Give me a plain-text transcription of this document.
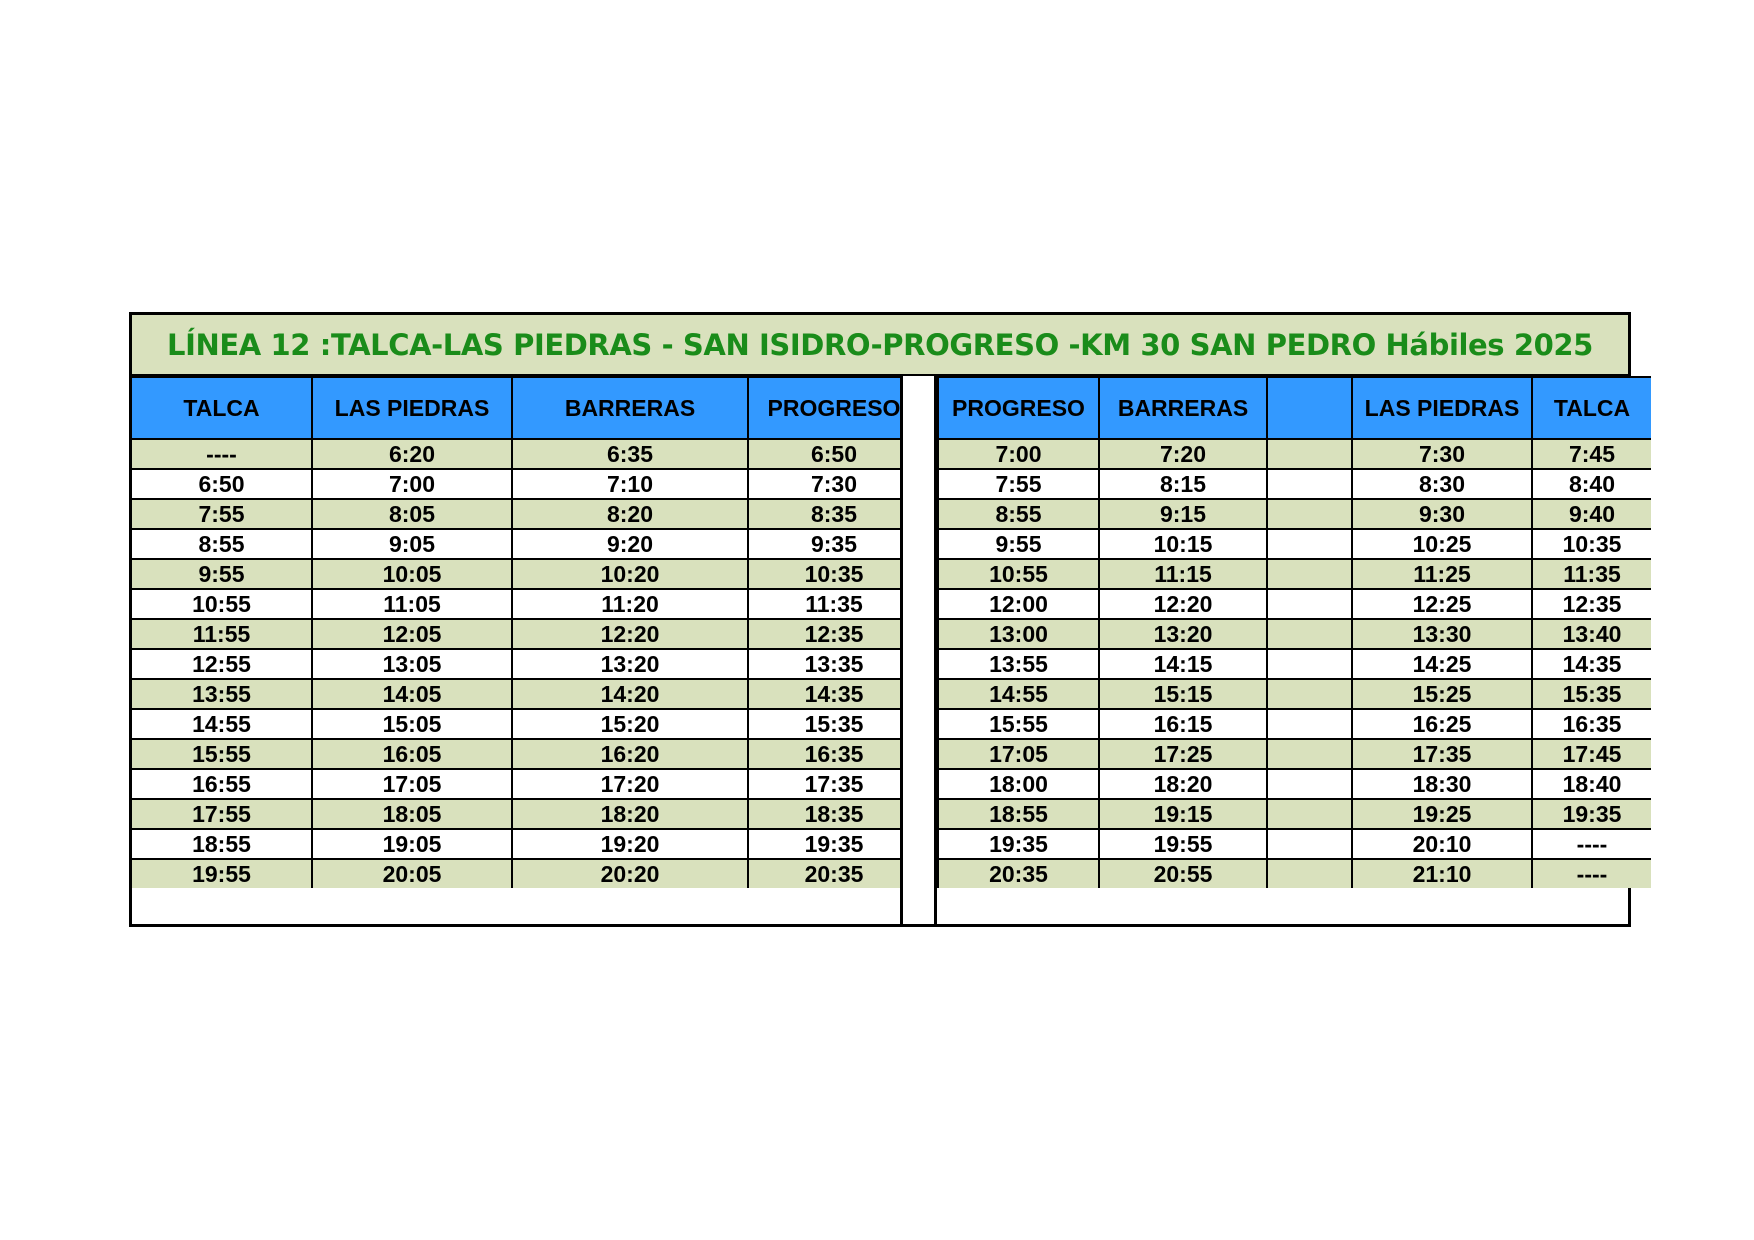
LÍNEA 12 :TALCA-LAS PIEDRAS - SAN ISIDRO-PROGRESO -KM 30 SAN PEDRO Hábiles 2025
TALCA	LAS PIEDRAS	BARRERAS	PROGRESO
----	6:20	6:35	6:50
6:50	7:00	7:10	7:30
7:55	8:05	8:20	8:35
8:55	9:05	9:20	9:35
9:55	10:05	10:20	10:35
10:55	11:05	11:20	11:35
11:55	12:05	12:20	12:35
12:55	13:05	13:20	13:35
13:55	14:05	14:20	14:35
14:55	15:05	15:20	15:35
15:55	16:05	16:20	16:35
16:55	17:05	17:20	17:35
17:55	18:05	18:20	18:35
18:55	19:05	19:20	19:35
19:55	20:05	20:20	20:35
PROGRESO	BARRERAS		LAS PIEDRAS	TALCA
7:00	7:20		7:30	7:45
7:55	8:15		8:30	8:40
8:55	9:15		9:30	9:40
9:55	10:15		10:25	10:35
10:55	11:15		11:25	11:35
12:00	12:20		12:25	12:35
13:00	13:20		13:30	13:40
13:55	14:15		14:25	14:35
14:55	15:15		15:25	15:35
15:55	16:15		16:25	16:35
17:05	17:25		17:35	17:45
18:00	18:20		18:30	18:40
18:55	19:15		19:25	19:35
19:35	19:55		20:10	----
20:35	20:55		21:10	----
